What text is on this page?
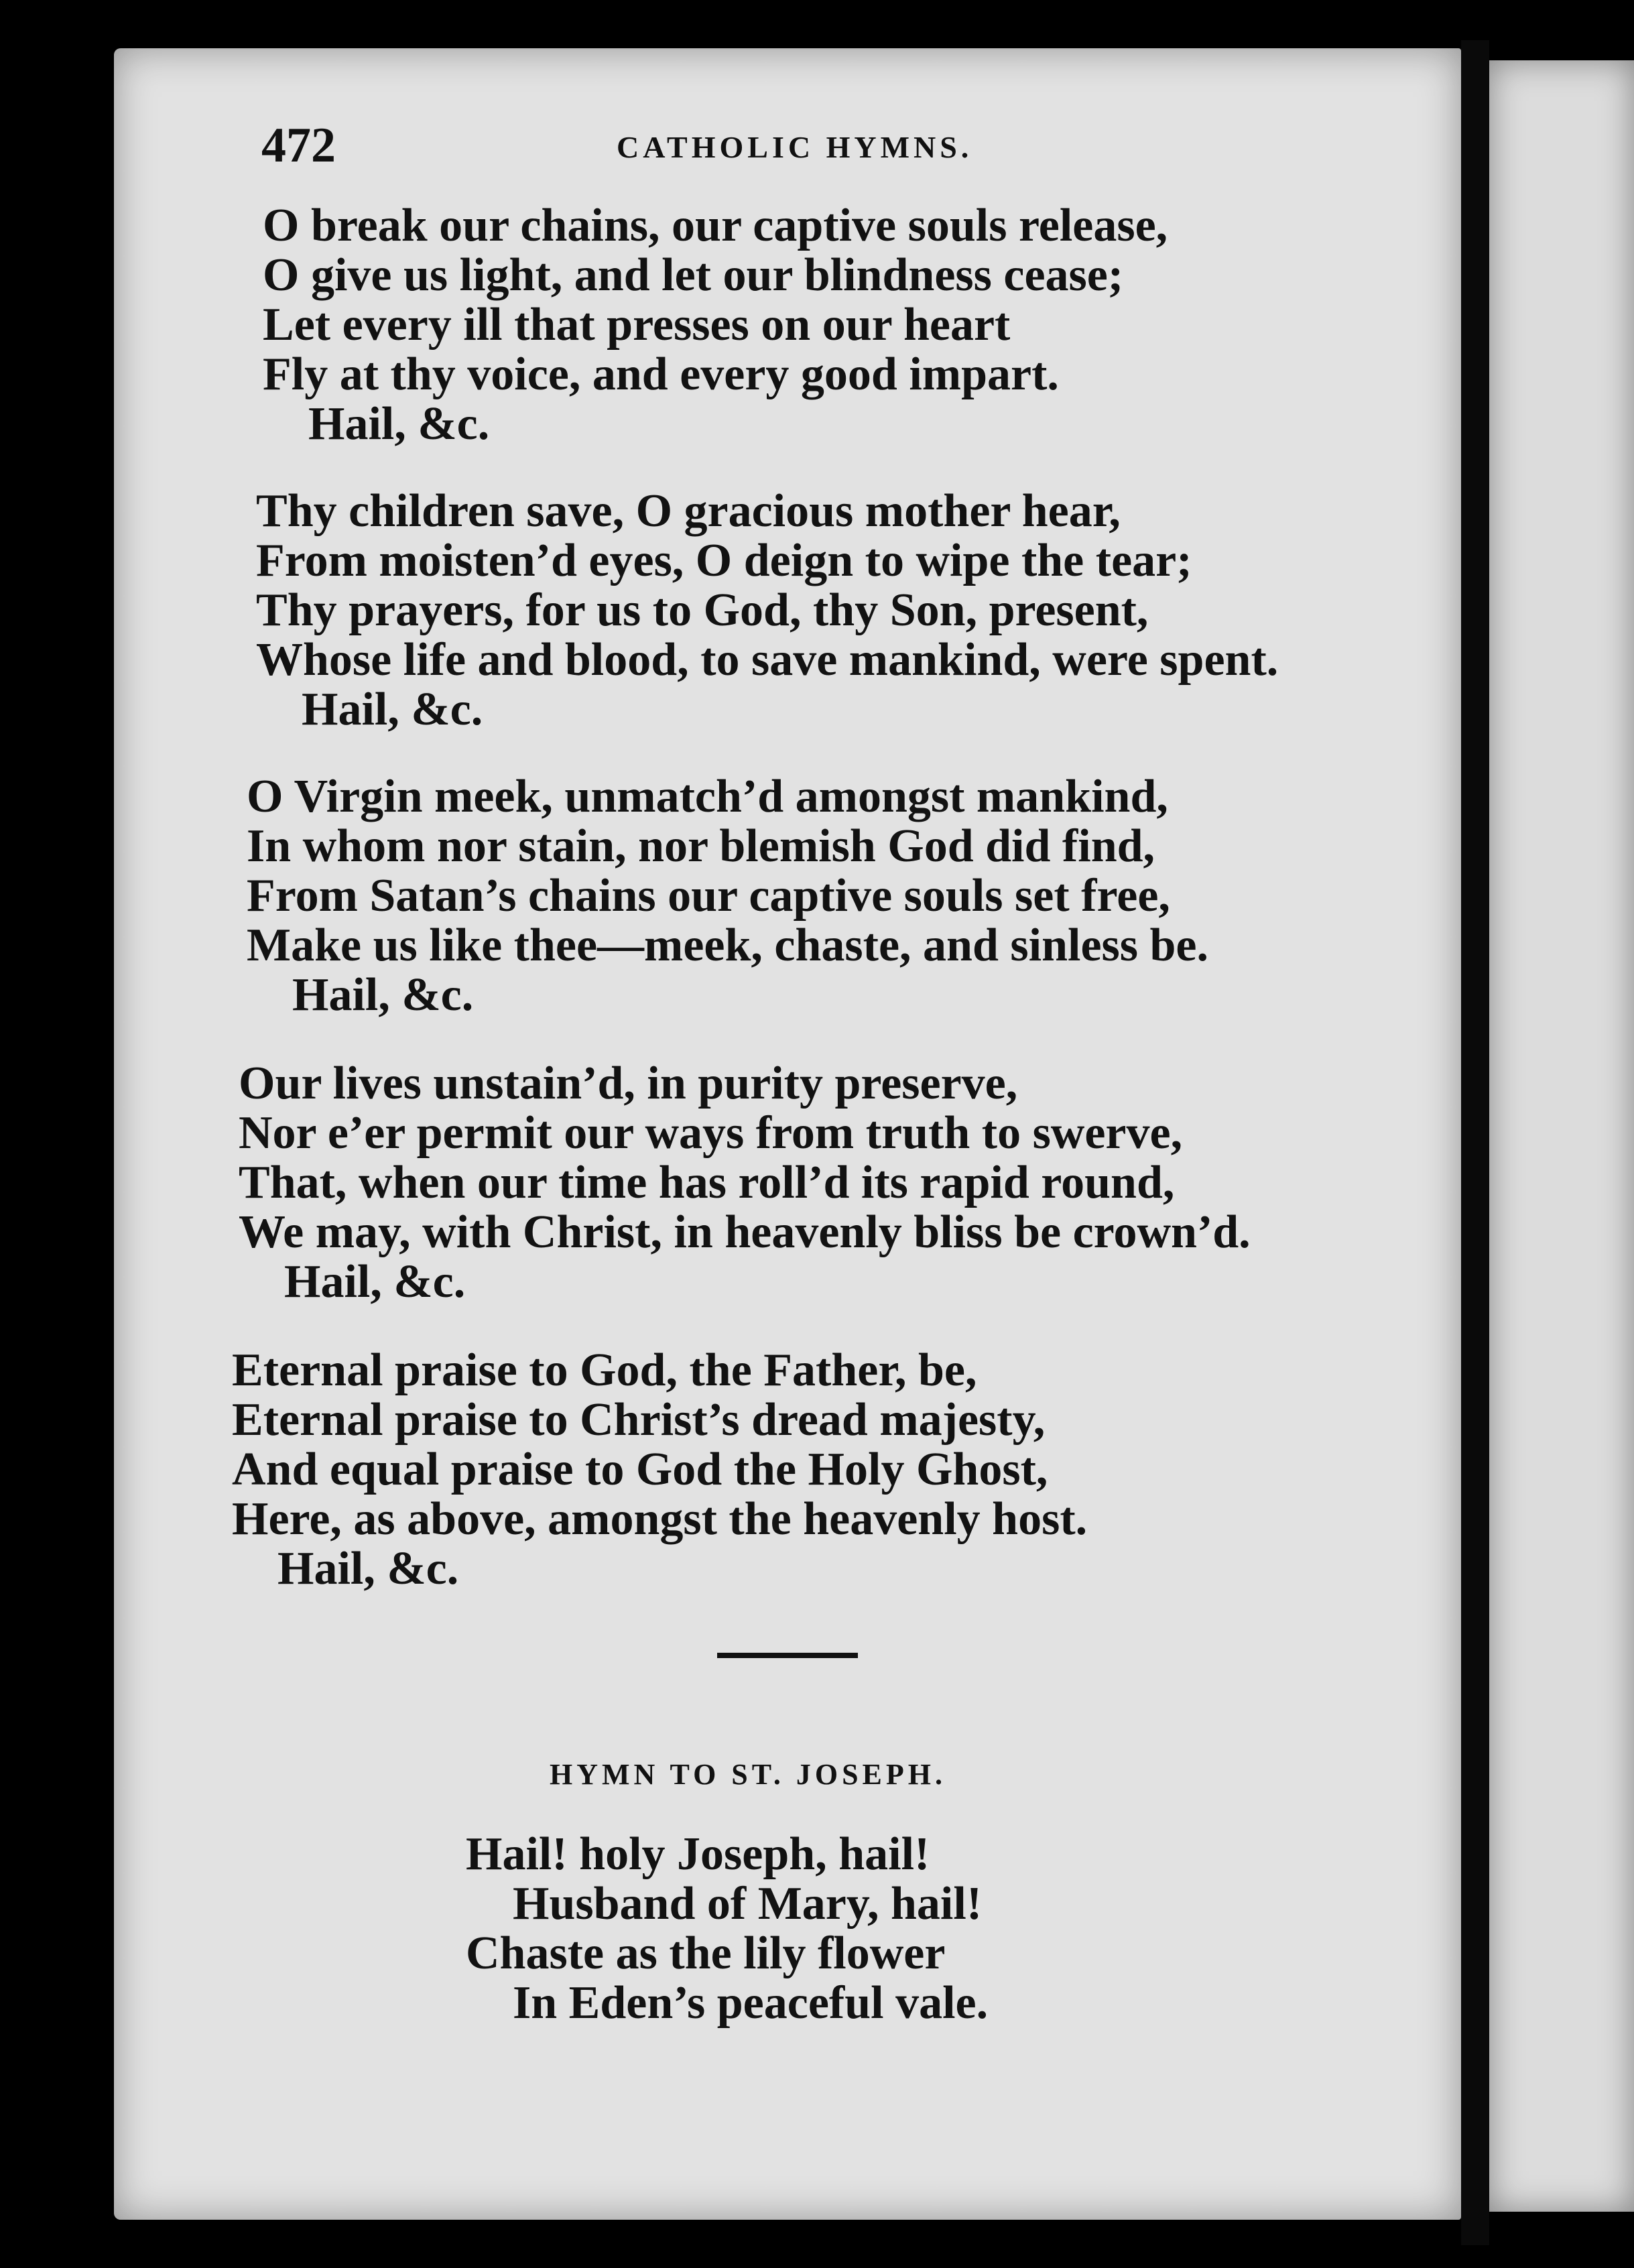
472	CATHOLIC HYMNS.
O break our chains, our captive souls release,
O give us light, and let our blindness cease;
Let every ill that presses on our heart
Fly at thy voice, and every good impart.
Hail, &c.
Thy children save, O gracious mother hear,
From moisten’d eyes, O deign to wipe the tear;
Thy prayers, for us to God, thy Son, present,
Whose life and blood, to save mankind, were spent.
Hail, &c.
O Virgin meek, unmatch’d amongst mankind,
In whom nor stain, nor blemish God did find,
From Satan’s chains our captive souls set free,
Make us like thee—meek, chaste, and sinless be.
Hail, &c.
Our lives unstain’d, in purity preserve,
Nor e’er permit our ways from truth to swerve,
That, when our time has roll’d its rapid round,
We may, with Christ, in heavenly bliss be crown’d.
Hail, &c.
Eternal praise to God, the Father, be,
Eternal praise to Christ’s dread majesty,
And equal praise to God the Holy Ghost,
Here, as above, amongst the heavenly host.
Hail, &c.
HYMN TO ST. JOSEPH.
Hail! holy Joseph, hail!
Husband of Mary, hail!
Chaste as the lily flower
In Eden’s peaceful vale.
